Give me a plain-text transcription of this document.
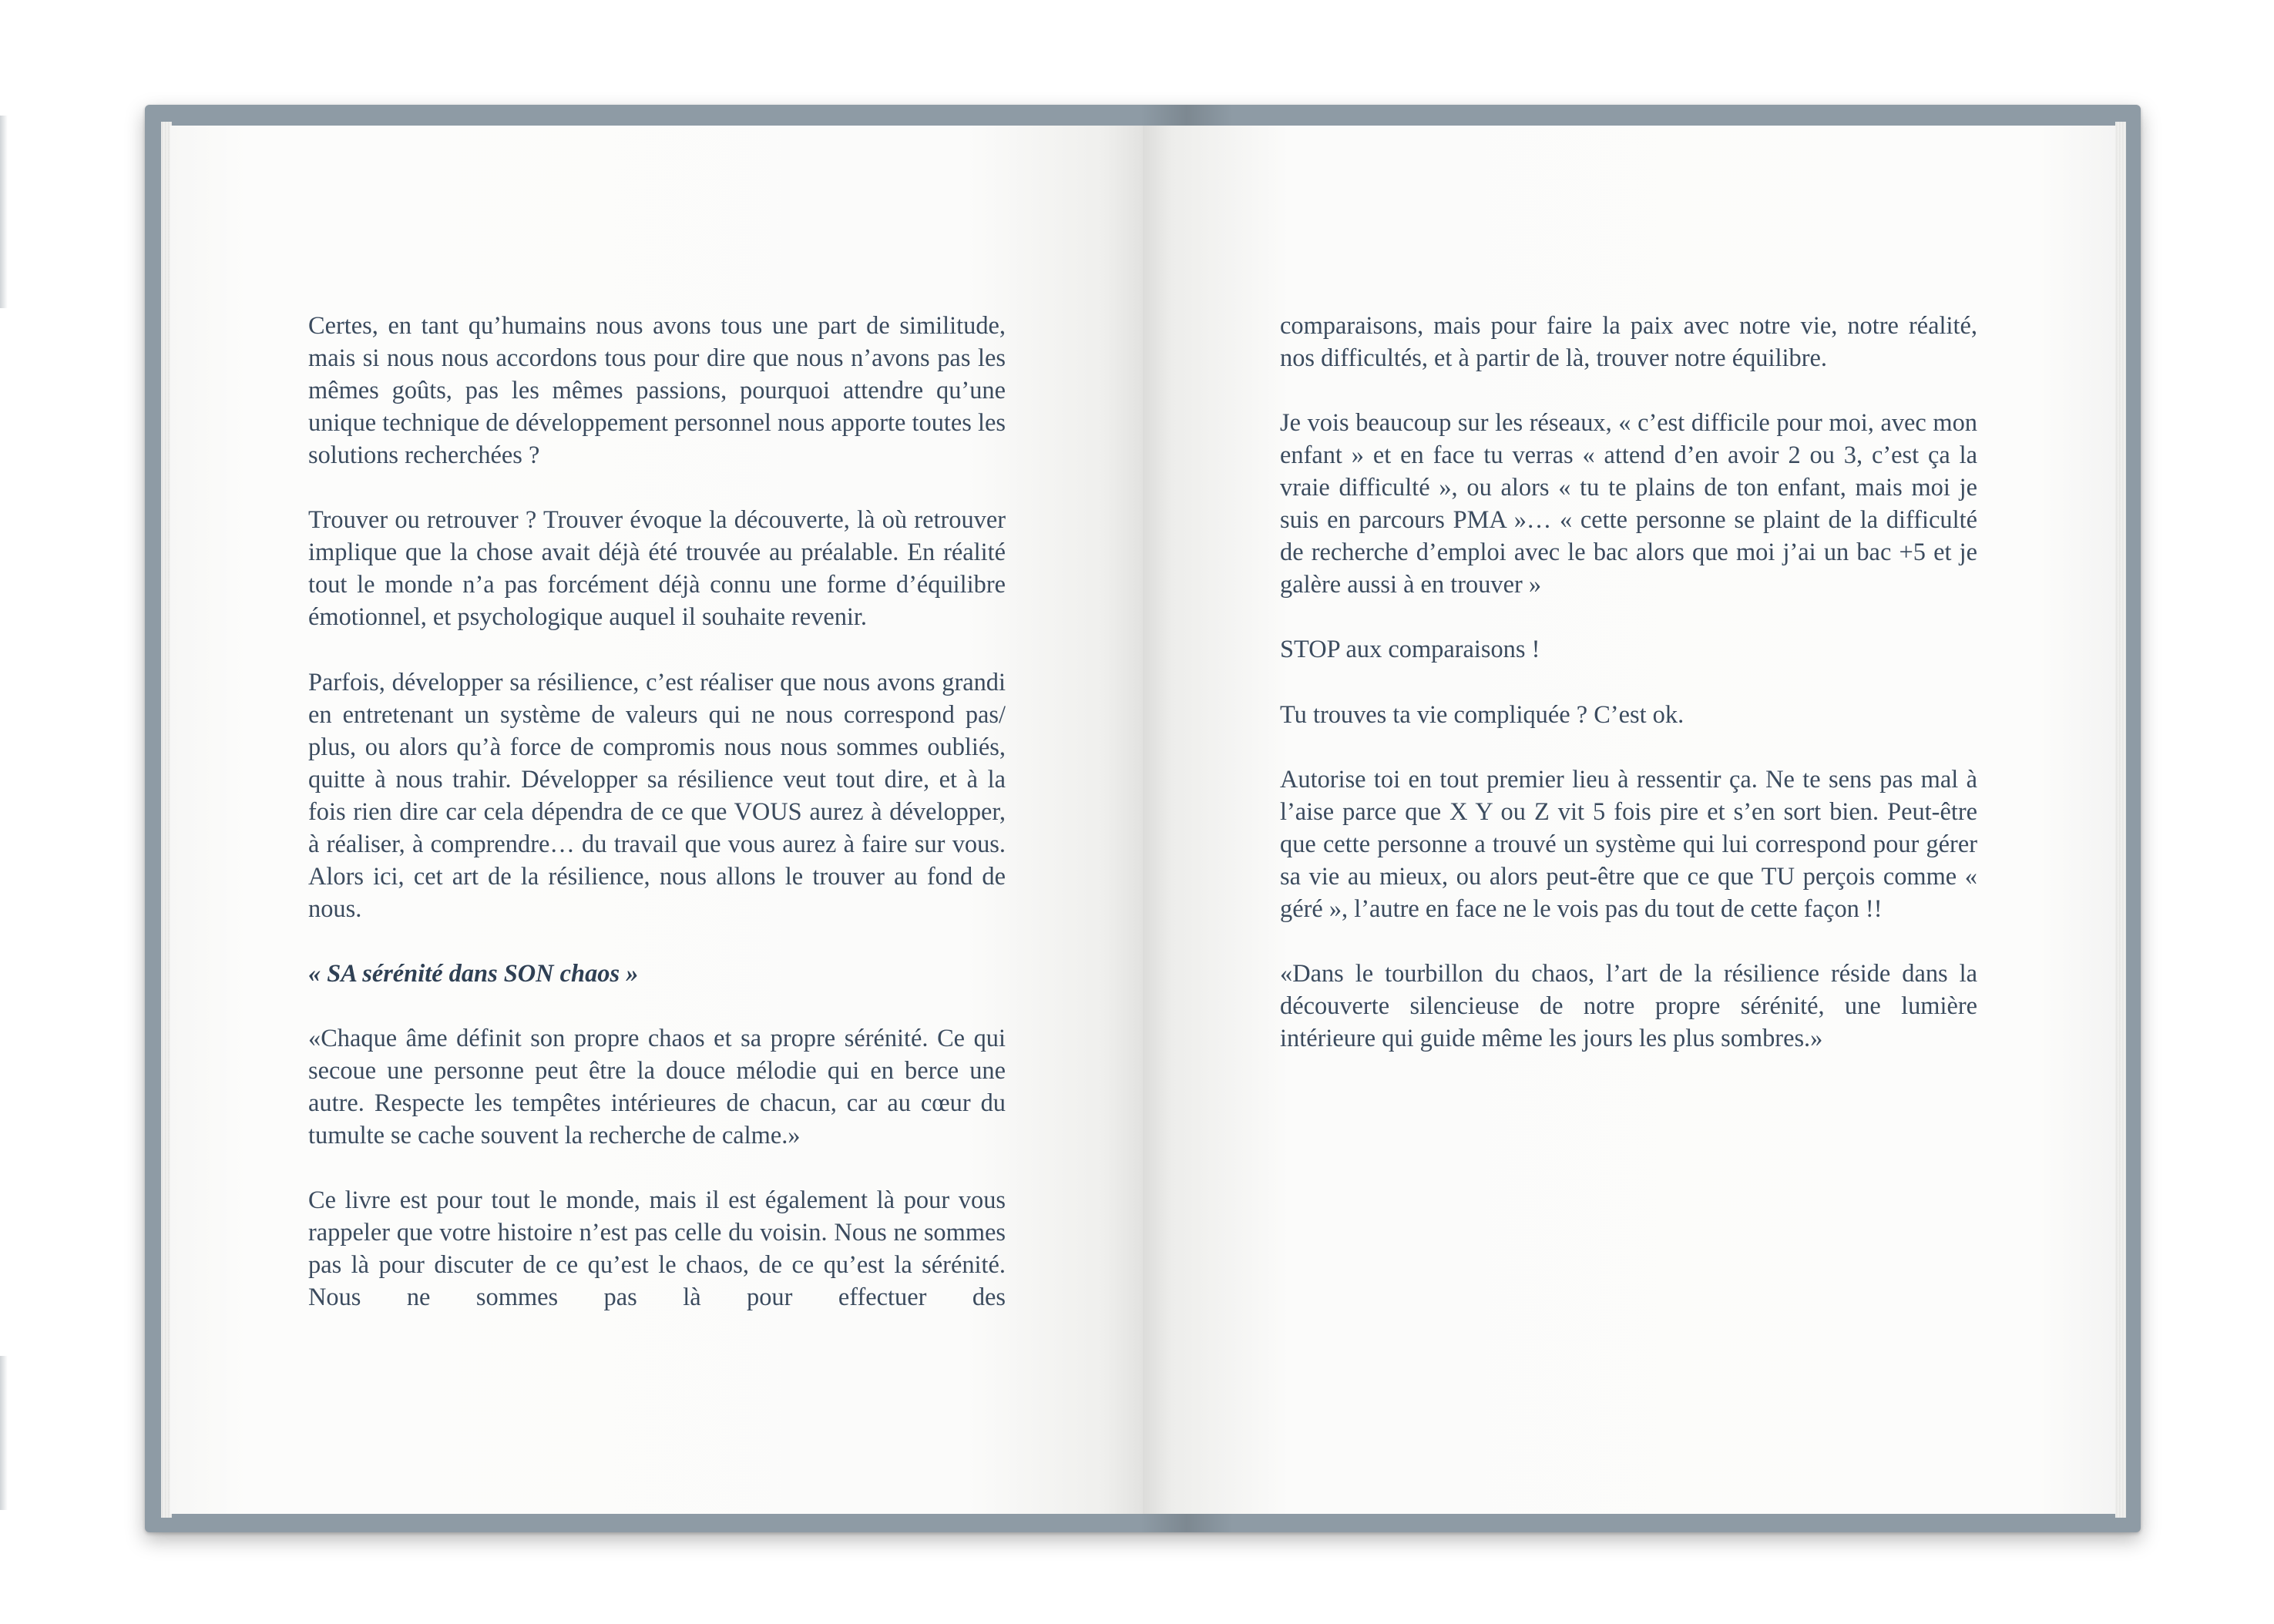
Certes, en tant qu’humains nous avons tous une part de similitude, mais si nous nous accordons tous pour dire que nous n’avons pas les mêmes goûts, pas les mêmes passions, pourquoi attendre qu’une unique technique de développement personnel nous apporte toutes les solutions recherchées ?

Trouver ou retrouver ? Trouver évoque la découverte, là où retrouver implique que la chose avait déjà été trouvée au préalable. En réalité tout le monde n’a pas forcément déjà connu une forme d’équilibre émotionnel, et psychologique auquel il souhaite revenir.

Parfois, développer sa résilience, c’est réaliser que nous avons grandi en entretenant un système de valeurs qui ne nous correspond pas/ plus, ou alors qu’à force de compromis nous nous sommes oubliés, quitte à nous trahir. Développer sa résilience veut tout dire, et à la fois rien dire car cela dépendra de ce que VOUS aurez à développer, à réaliser, à comprendre… du travail que vous aurez à faire sur vous. Alors ici, cet art de la résilience, nous allons le trouver au fond de nous.

« SA sérénité dans SON chaos »

«Chaque âme définit son propre chaos et sa propre sérénité. Ce qui secoue une personne peut être la douce mélodie qui en berce une autre. Respecte les tempêtes intérieures de chacun, car au cœur du tumulte se cache souvent la recherche de calme.»

Ce livre est pour tout le monde, mais il est également là pour vous rappeler que votre histoire n’est pas celle du voisin. Nous ne sommes pas là pour discuter de ce qu’est le chaos, de ce qu’est la sérénité. Nous ne sommes pas là pour effectuer des

comparaisons, mais pour faire la paix avec notre vie, notre réalité, nos difficultés, et à partir de là, trouver notre équilibre.

Je vois beaucoup sur les réseaux, « c’est difficile pour moi, avec mon enfant » et en face tu verras « attend d’en avoir 2 ou 3, c’est ça la vraie difficulté », ou alors « tu te plains de ton enfant, mais moi je suis en parcours PMA »… « cette personne se plaint de la difficulté de recherche d’emploi avec le bac alors que moi j’ai un bac +5 et je galère aussi à en trouver »

STOP aux comparaisons !

Tu trouves ta vie compliquée ? C’est ok.

Autorise toi en tout premier lieu à ressentir ça. Ne te sens pas mal à l’aise parce que X Y ou Z vit 5 fois pire et s’en sort bien. Peut-être que cette personne a trouvé un système qui lui correspond pour gérer sa vie au mieux, ou alors peut-être que ce que TU perçois comme « géré », l’autre en face ne le vois pas du tout de cette façon !!

«Dans le tourbillon du chaos, l’art de la résilience réside dans la découverte silencieuse de notre propre sérénité, une lumière intérieure qui guide même les jours les plus sombres.»
